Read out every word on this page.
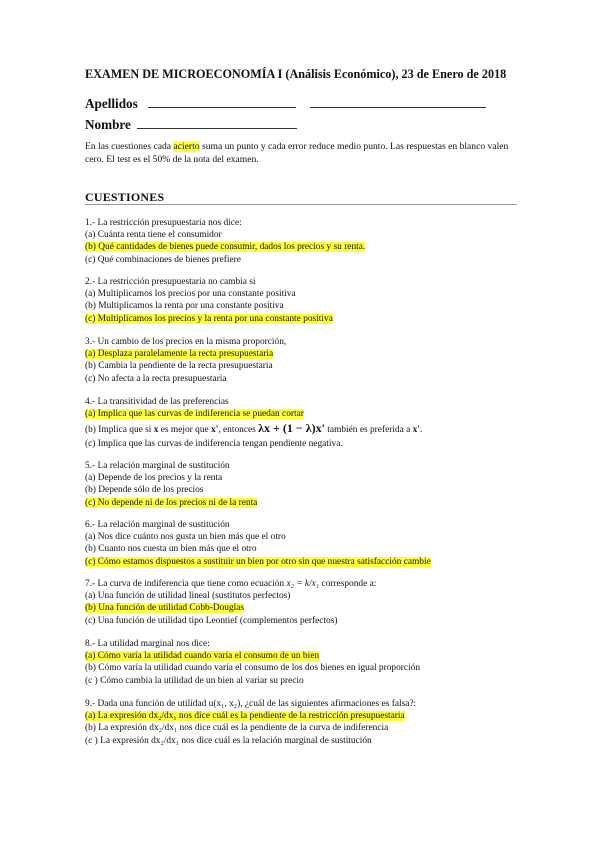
EXAMEN DE MICROECONOMÍA I (Análisis Económico), 23 de Enero de 2018
Apellidos
Nombre
En las cuestiones cada acierto suma un punto y cada error reduce medio punto. Las respuestas en blanco valen cero. El test es el 50% de la nota del examen.
CUESTIONES
1.- La restricción presupuestaria nos dice:
(a) Cuánta renta tiene el consumidor
(b) Qué cantidades de bienes puede consumir, dados los precios y su renta.
(c) Qué combinaciones de bienes prefiere
2.- La restricción presupuestaria no cambia si
(a) Multiplicamos los precios por una constante positiva
(b) Multiplicamos la renta por una constante positiva
(c) Multiplicamos los precios y la renta por una constante positiva
3.- Un cambio de los precios en la misma proporción,
(a) Desplaza paralelamente la recta presupuestaria
(b) Cambia la pendiente de la recta presupuestaria
(c) No afecta a la recta presupuestaria
4.- La transitividad de las preferencias
(a) Implica que las curvas de indiferencia se puedan cortar
(b) Implica que si x es mejor que x', entonces λx + (1 − λ)x' también es preferida a x'.
(c) Implica que las curvas de indiferencia tengan pendiente negativa.
5.- La relación marginal de sustitución
(a) Depende de los precios y la renta
(b) Depende sólo de los precios
(c) No depende ni de los precios ni de la renta
6.- La relación marginal de sustitución
(a) Nos dice cuánto nos gusta un bien más que el otro
(b) Cuanto nos cuesta un bien más que el otro
(c) Cómo estamos dispuestos a sustituir un bien por otro sin que nuestra satisfacción cambie
7.- La curva de indiferencia que tiene como ecuación x₂ = k/x₁ corresponde a:
(a) Una función de utilidad lineal (sustitutos perfectos)
(b) Una función de utilidad Cobb-Douglas
(c) Una función de utilidad tipo Leontief (complementos perfectos)
8.- La utilidad marginal nos dice:
(a) Cómo varía la utilidad cuando varía el consumo de un bien
(b) Cómo varía la utilidad cuando varía el consumo de los dos bienes en igual proporción
(c ) Cómo cambia la utilidad de un bien al variar su precio
9.- Dada una función de utilidad u(x₁, x₂), ¿cuál de las siguientes afirmaciones es falsa?:
(a) La expresión dx₂/dx₁ nos dice cuál es la pendiente de la restricción presupuestaria
(b) La expresión dx₂/dx₁ nos dice cuál es la pendiente de la curva de indiferencia
(c ) La expresión dx₂/dx₁ nos dice cuál es la relación marginal de sustitución
